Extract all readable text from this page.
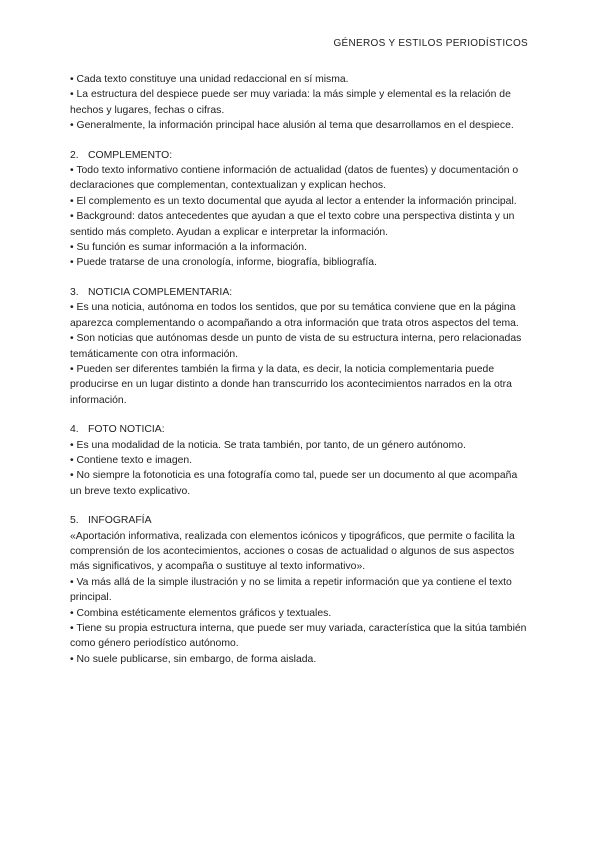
GÉNEROS Y ESTILOS PERIODÍSTICOS

• Cada texto constituye una unidad redaccional en sí misma.

• La estructura del despiece puede ser muy variada: la más simple y elemental es la relación de hechos y lugares, fechas o cifras.

• Generalmente, la información principal hace alusión al tema que desarrollamos en el despiece.

2. COMPLEMENTO:

• Todo texto informativo contiene información de actualidad (datos de fuentes) y documentación o declaraciones que complementan, contextualizan y explican hechos.

• El complemento es un texto documental que ayuda al lector a entender la información principal.

• Background: datos antecedentes que ayudan a que el texto cobre una perspectiva distinta y un sentido más completo. Ayudan a explicar e interpretar la información.

• Su función es sumar información a la información.

• Puede tratarse de una cronología, informe, biografía, bibliografía.

3. NOTICIA COMPLEMENTARIA:

• Es una noticia, autónoma en todos los sentidos, que por su temática conviene que en la página aparezca complementando o acompañando a otra información que trata otros aspectos del tema.

• Son noticias que autónomas desde un punto de vista de su estructura interna, pero relacionadas temáticamente con otra información.

• Pueden ser diferentes también la firma y la data, es decir, la noticia complementaria puede producirse en un lugar distinto a donde han transcurrido los acontecimientos narrados en la otra información.

4. FOTO NOTICIA:

• Es una modalidad de la noticia. Se trata también, por tanto, de un género autónomo.

• Contiene texto e imagen.

• No siempre la fotonoticia es una fotografía como tal, puede ser un documento al que acompaña un breve texto explicativo.

5. INFOGRAFÍA

«Aportación informativa, realizada con elementos icónicos y tipográficos, que permite o facilita la comprensión de los acontecimientos, acciones o cosas de actualidad o algunos de sus aspectos más significativos, y acompaña o sustituye al texto informativo».

• Va más allá de la simple ilustración y no se limita a repetir información que ya contiene el texto principal.

• Combina estéticamente elementos gráficos y textuales.

• Tiene su propia estructura interna, que puede ser muy variada, característica que la sitúa también como género periodístico autónomo.

• No suele publicarse, sin embargo, de forma aislada.
